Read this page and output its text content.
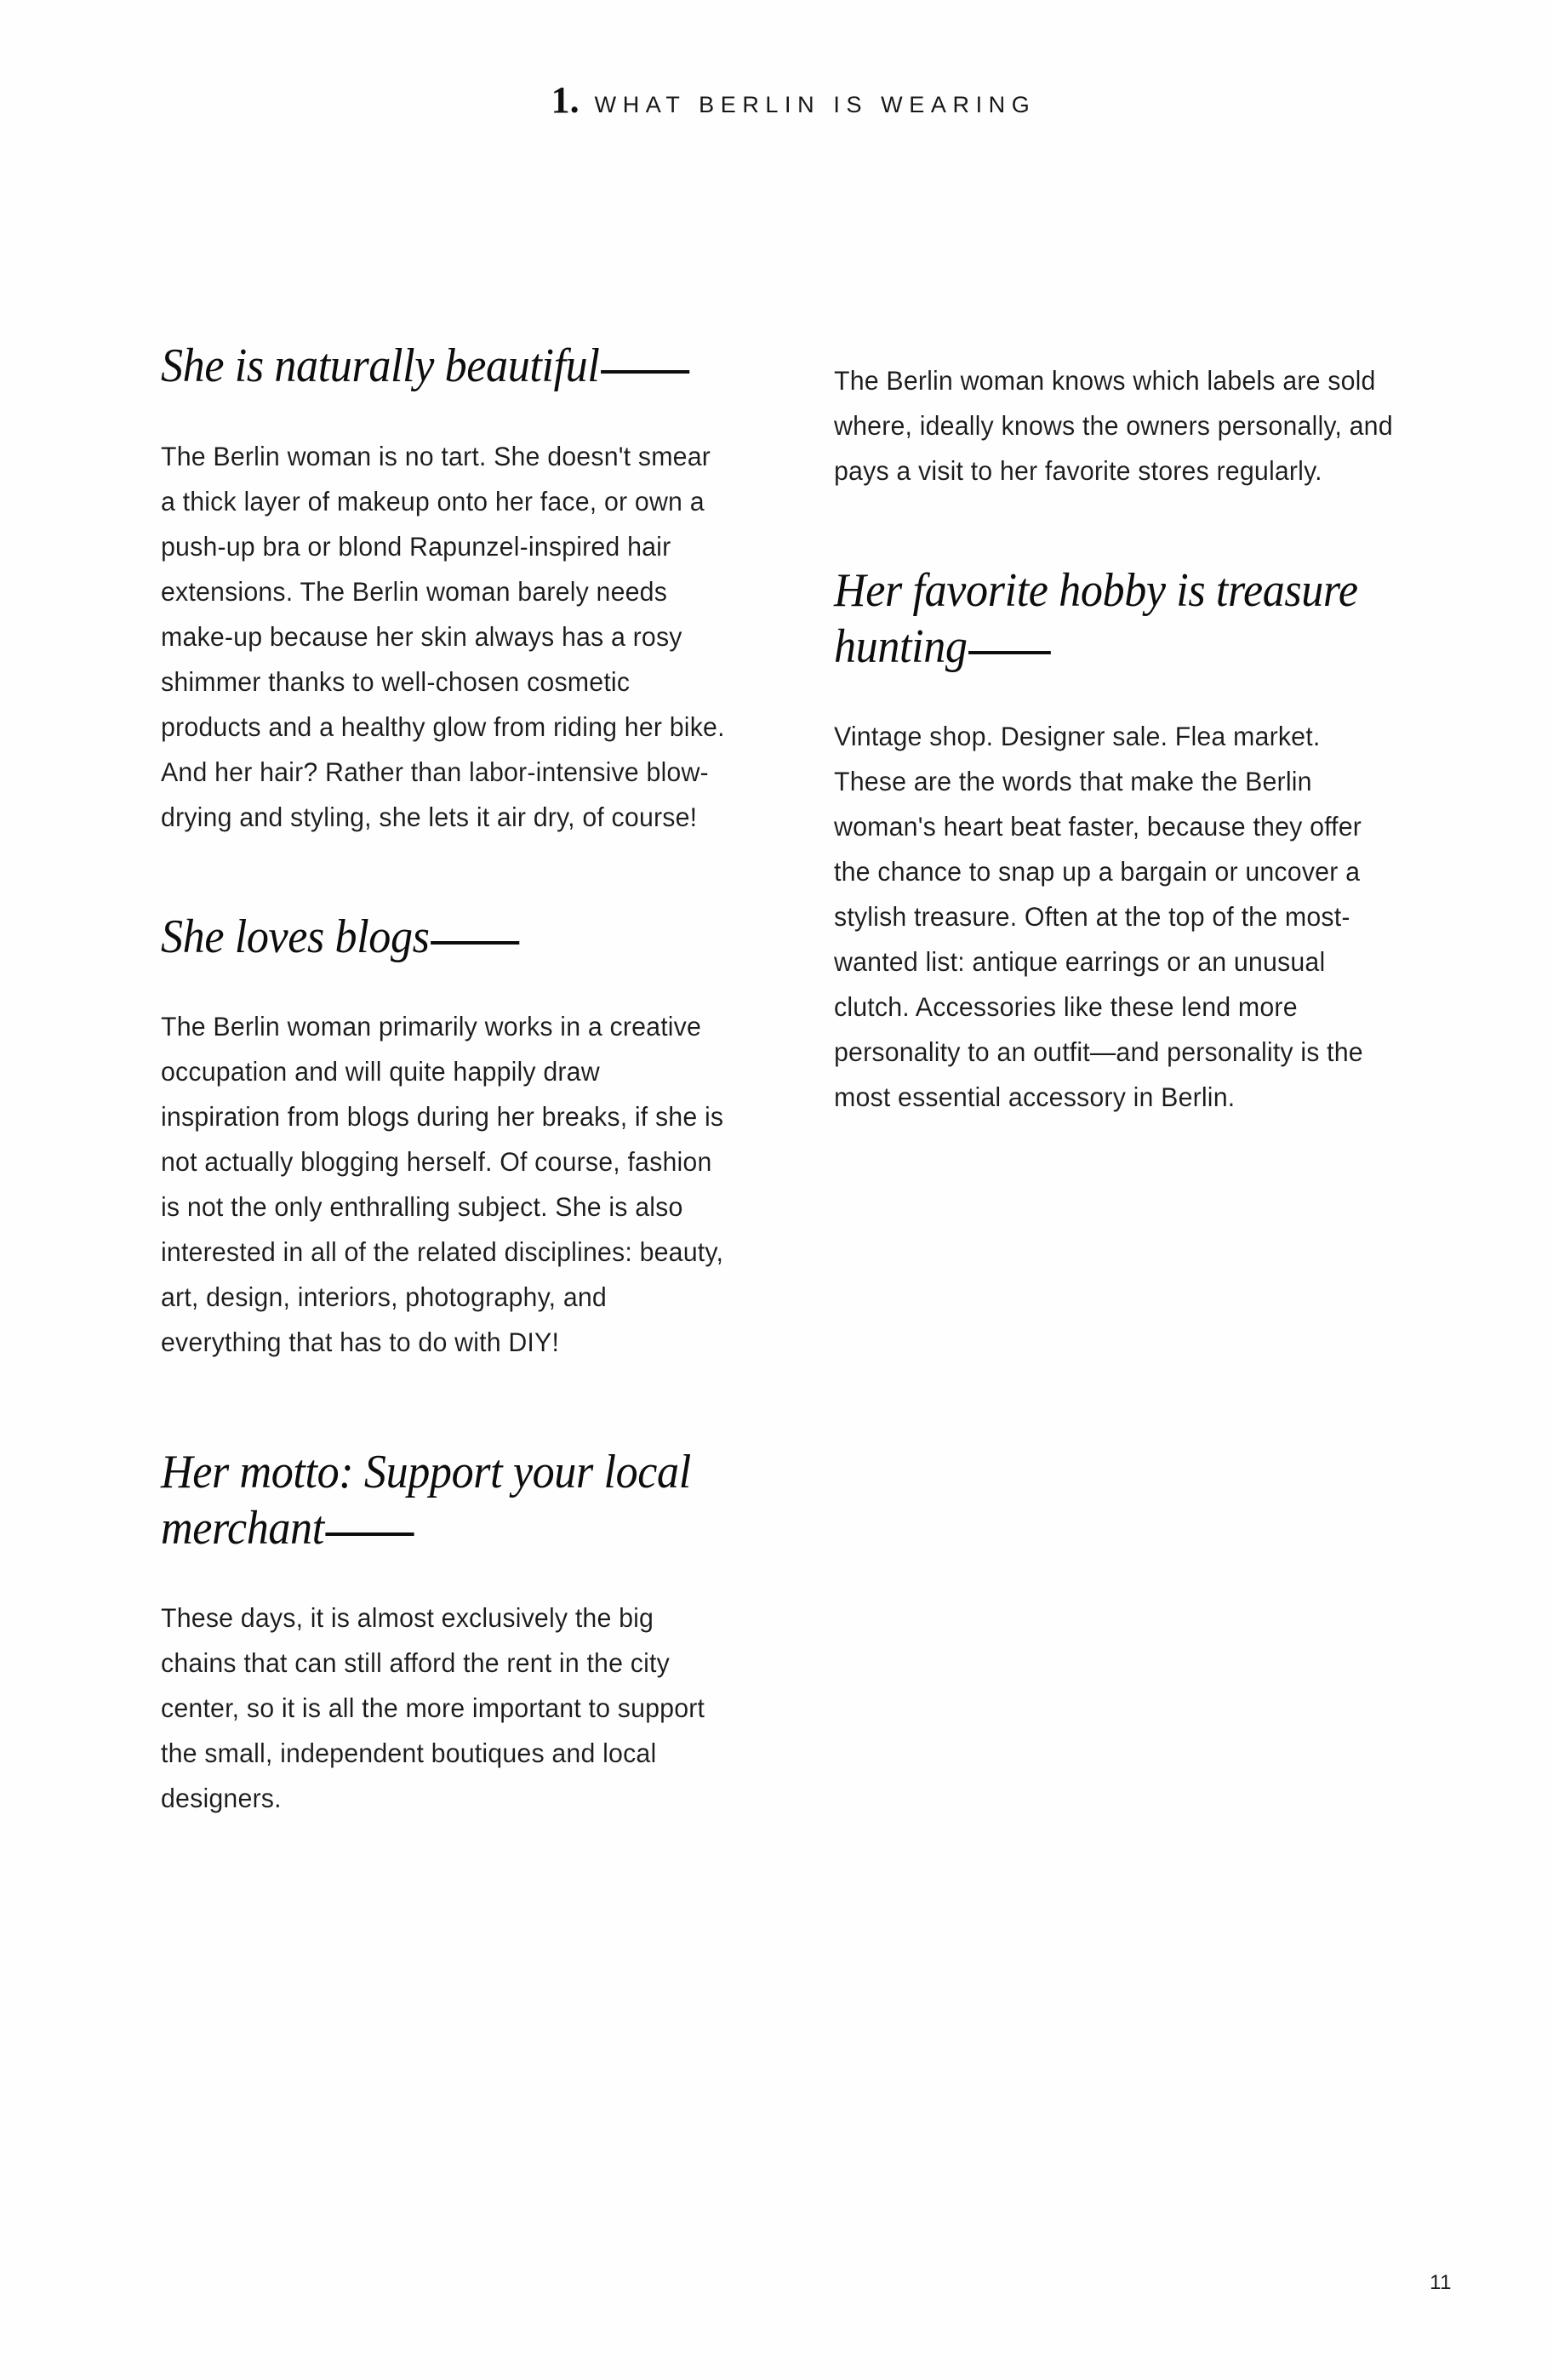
1. WHAT BERLIN IS WEARING
She is naturally beautiful

The Berlin woman is no tart. She doesn't smear a thick layer of makeup onto her face, or own a push-up bra or blond Rapunzel-inspired hair extensions. The Berlin woman barely needs make-up because her skin always has a rosy shimmer thanks to well-chosen cosmetic products and a healthy glow from riding her bike. And her hair? Rather than labor-intensive blow-drying and styling, she lets it air dry, of course!

She loves blogs

The Berlin woman primarily works in a creative occupation and will quite happily draw inspiration from blogs during her breaks, if she is not actually blogging herself. Of course, fashion is not the only enthralling subject. She is also interested in all of the related disciplines: beauty, art, design, interiors, photography, and everything that has to do with DIY!

Her motto: Support your local merchant

These days, it is almost exclusively the big chains that can still afford the rent in the city center, so it is all the more important to support the small, independent boutiques and local designers.

The Berlin woman knows which labels are sold where, ideally knows the owners personally, and pays a visit to her favorite stores regularly.

Her favorite hobby is treasure hunting

Vintage shop. Designer sale. Flea market. These are the words that make the Berlin woman's heart beat faster, because they offer the chance to snap up a bargain or uncover a stylish treasure. Often at the top of the most-wanted list: antique earrings or an unusual clutch. Accessories like these lend more personality to an outfit—and personality is the most essential accessory in Berlin.

11
